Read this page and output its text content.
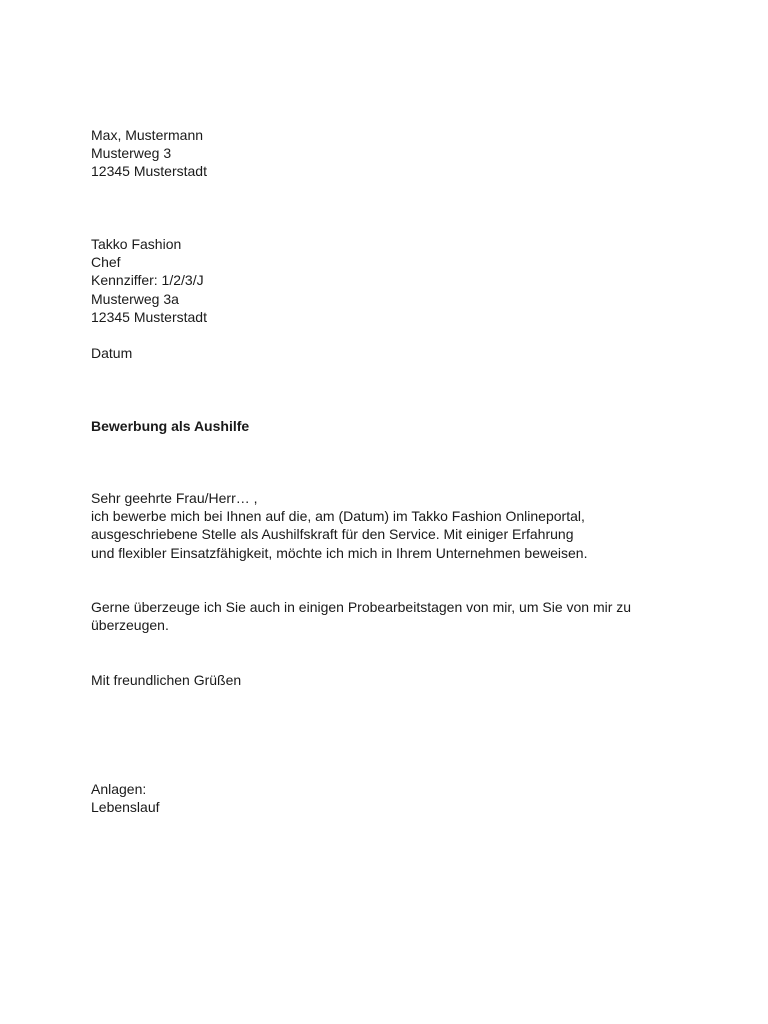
Max, Mustermann
Musterweg 3
12345 Musterstadt
Takko Fashion
Chef
Kennziffer: 1/2/3/J
Musterweg 3a
12345 Musterstadt
Datum
Bewerbung als Aushilfe
Sehr geehrte Frau/Herr… ,
ich bewerbe mich bei Ihnen auf die, am (Datum) im Takko Fashion Onlineportal,
ausgeschriebene Stelle als Aushilfskraft für den Service. Mit einiger Erfahrung
und flexibler Einsatzfähigkeit, möchte ich mich in Ihrem Unternehmen beweisen.
Gerne überzeuge ich Sie auch in einigen Probearbeitstagen von mir, um Sie von mir zu
überzeugen.
Mit freundlichen Grüßen
Anlagen:
Lebenslauf
